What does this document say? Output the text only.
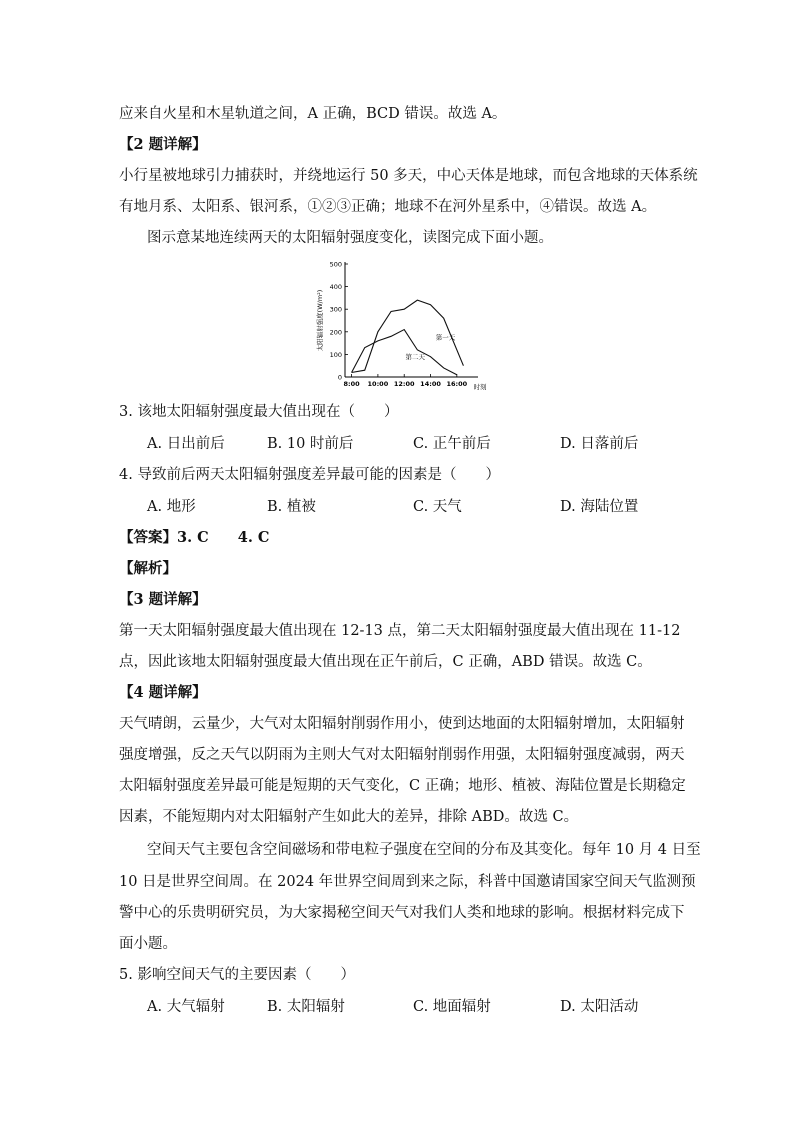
应来自火星和木星轨道之间，A 正确，BCD 错误。故选 A。
【2 题详解】
小行星被地球引力捕获时，并绕地运行 50 多天，中心天体是地球，而包含地球的天体系统
有地月系、太阳系、银河系，①②③正确；地球不在河外星系中，④错误。故选 A。
图示意某地连续两天的太阳辐射强度变化，读图完成下面小题。
0
100
200
300
400
500
8:00 10:00 12:00 14:00 16:00 时刻
太阳辐射强度(W/m²)	第一天
第二天
3. 该地太阳辐射强度最大值出现在（　　）
A. 日出前后	B. 10 时前后	C. 正午前后	D. 日落前后
4. 导致前后两天太阳辐射强度差异最可能的因素是（　　）
A. 地形	B. 植被	C. 天气	D. 海陆位置
【答案】3. C　　4. C
【解析】
【3 题详解】
第一天太阳辐射强度最大值出现在 12-13 点，第二天太阳辐射强度最大值出现在 11-12
点，因此该地太阳辐射强度最大值出现在正午前后，C 正确，ABD 错误。故选 C。
【4 题详解】
天气晴朗，云量少，大气对太阳辐射削弱作用小，使到达地面的太阳辐射增加，太阳辐射
强度增强，反之天气以阴雨为主则大气对太阳辐射削弱作用强，太阳辐射强度减弱，两天
太阳辐射强度差异最可能是短期的天气变化，C 正确；地形、植被、海陆位置是长期稳定
因素，不能短期内对太阳辐射产生如此大的差异，排除 ABD。故选 C。
空间天气主要包含空间磁场和带电粒子强度在空间的分布及其变化。每年 10 月 4 日至
10 日是世界空间周。在 2024 年世界空间周到来之际，科普中国邀请国家空间天气监测预
警中心的乐贵明研究员，为大家揭秘空间天气对我们人类和地球的影响。根据材料完成下
面小题。
5. 影响空间天气的主要因素（　　）
A. 大气辐射	B. 太阳辐射	C. 地面辐射	D. 太阳活动
